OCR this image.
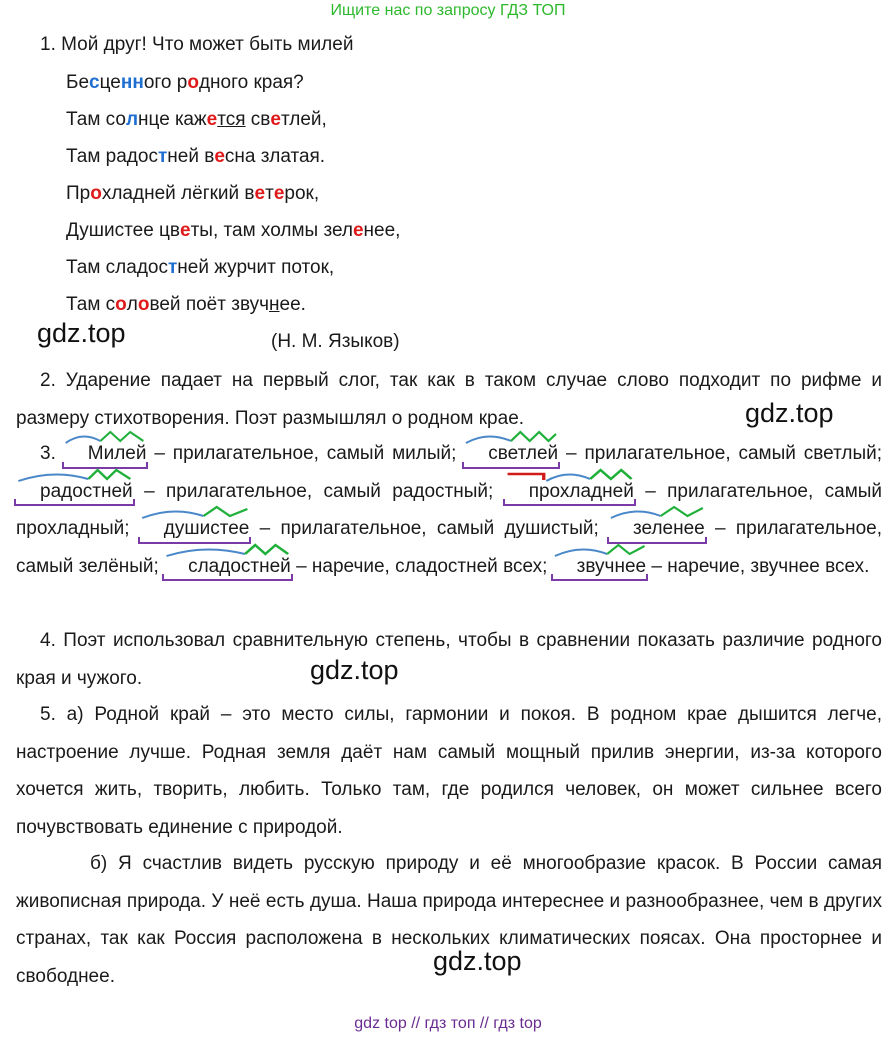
Ищите нас по запросу ГДЗ ТОП
1. Мой друг! Что может быть милей
Бесценного родного края?
Там солнце кaжется светлей,
Там радостней весна златая.
Прохладней лёгкий ветерок,
Душистее цветы, там холмы зеленее,
Там сладостней журчит поток,
Там соловей поёт звучнее.
gdz.top	(Н. М. Языков)
2. Ударение падает на первый слог, так как в таком случае слово подходит по рифме и размеру стихотворения. Поэт размышлял о родном крае.	gdz.top
3. Милей – прилагательное, самый милый; светлей – прилагательное, самый светлый; радостней – прилагательное, самый радостный; прохладней – прилагательное, самый прохладный; душистее – прилагательное, самый душистый; зеленее – прилагательное, самый зелёный; сладостней – наречие, сладостней всех; звучнее – наречие, звучнее всех.
4. Поэт использовал сравнительную степень, чтобы в сравнении показать различие родного края и чужого.	gdz.top
5. а) Родной край – это место силы, гармонии и покоя. В родном крае дышится легче, настроение лучше. Родная земля даёт нам самый мощный прилив энергии, из-за которого хочется жить, творить, любить. Только там, где родился человек, он может сильнее всего почувствовать единение с природой.
б) Я счастлив видеть русскую природу и её многообразие красок. В России самая живописная природа. У неё есть душа. Наша природа интереснее и разнообразнее, чем в других странах, так как Россия расположена в нескольких климатических поясах. Она просторнее и свободнее.	gdz.top
gdz top // гдз топ // гдз top
